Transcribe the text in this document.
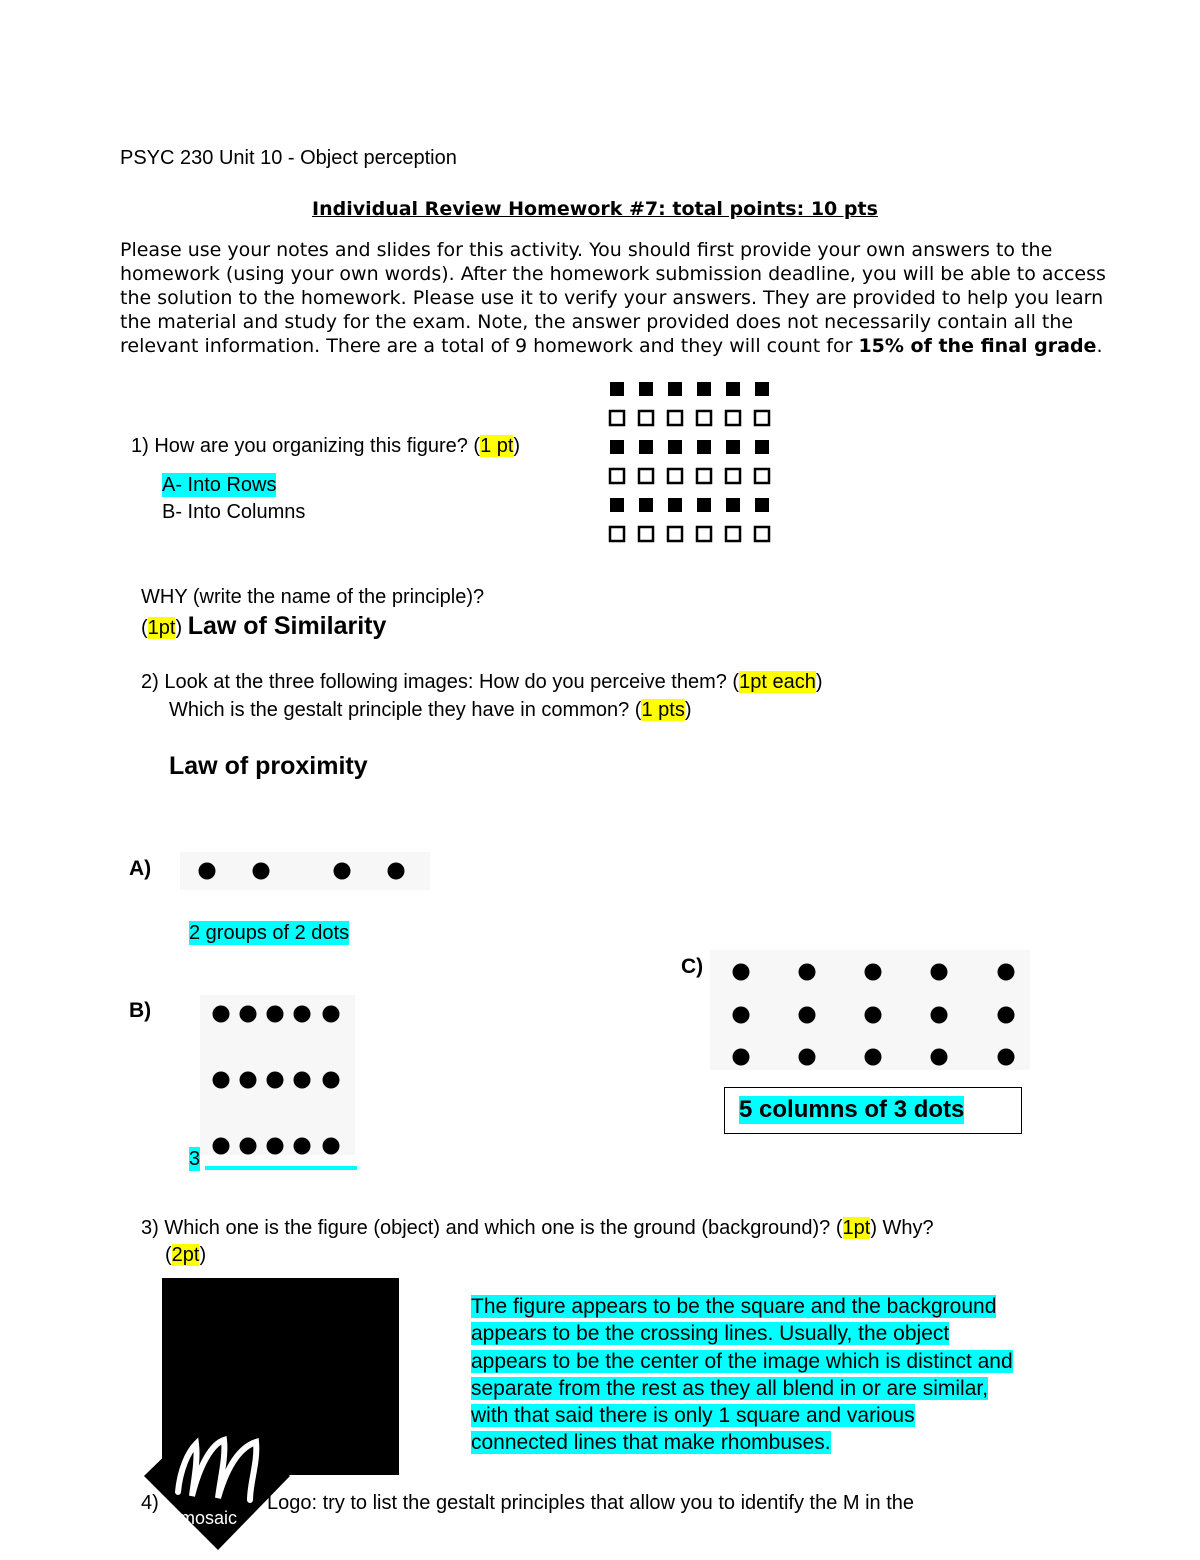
PSYC 230 Unit 10 - Object perception
Individual Review Homework #7: total points: 10 pts
Please use your notes and slides for this activity. You should first provide your own answers to the homework (using your own words). After the homework submission deadline, you will be able to access the solution to the homework. Please use it to verify your answers. They are provided to help you learn the material and study for the exam. Note, the answer provided does not necessarily contain all the relevant information. There are a total of 9 homework and they will count for 15% of the final grade.
1) How are you organizing this figure? (1 pt)
A- Into Rows
B- Into Columns
WHY (write the name of the principle)?
(1pt) Law of Similarity
2) Look at the three following images: How do you perceive them? (1pt each)
Which is the gestalt principle they have in common? (1 pts)
Law of proximity
A)
2 groups of 2 dots
B)
3
C)
5 columns of 3 dots
3) Which one is the figure (object) and which one is the ground (background)? (1pt) Why?
(2pt)
The figure appears to be the square and the background
appears to be the crossing lines. Usually, the object
appears to be the center of the image which is distinct and
separate from the rest as they all blend in or are similar,
with that said there is only 1 square and various
connected lines that make rhombuses.
4)	Logo: try to list the gestalt principles that allow you to identify the M in the
mosaic
